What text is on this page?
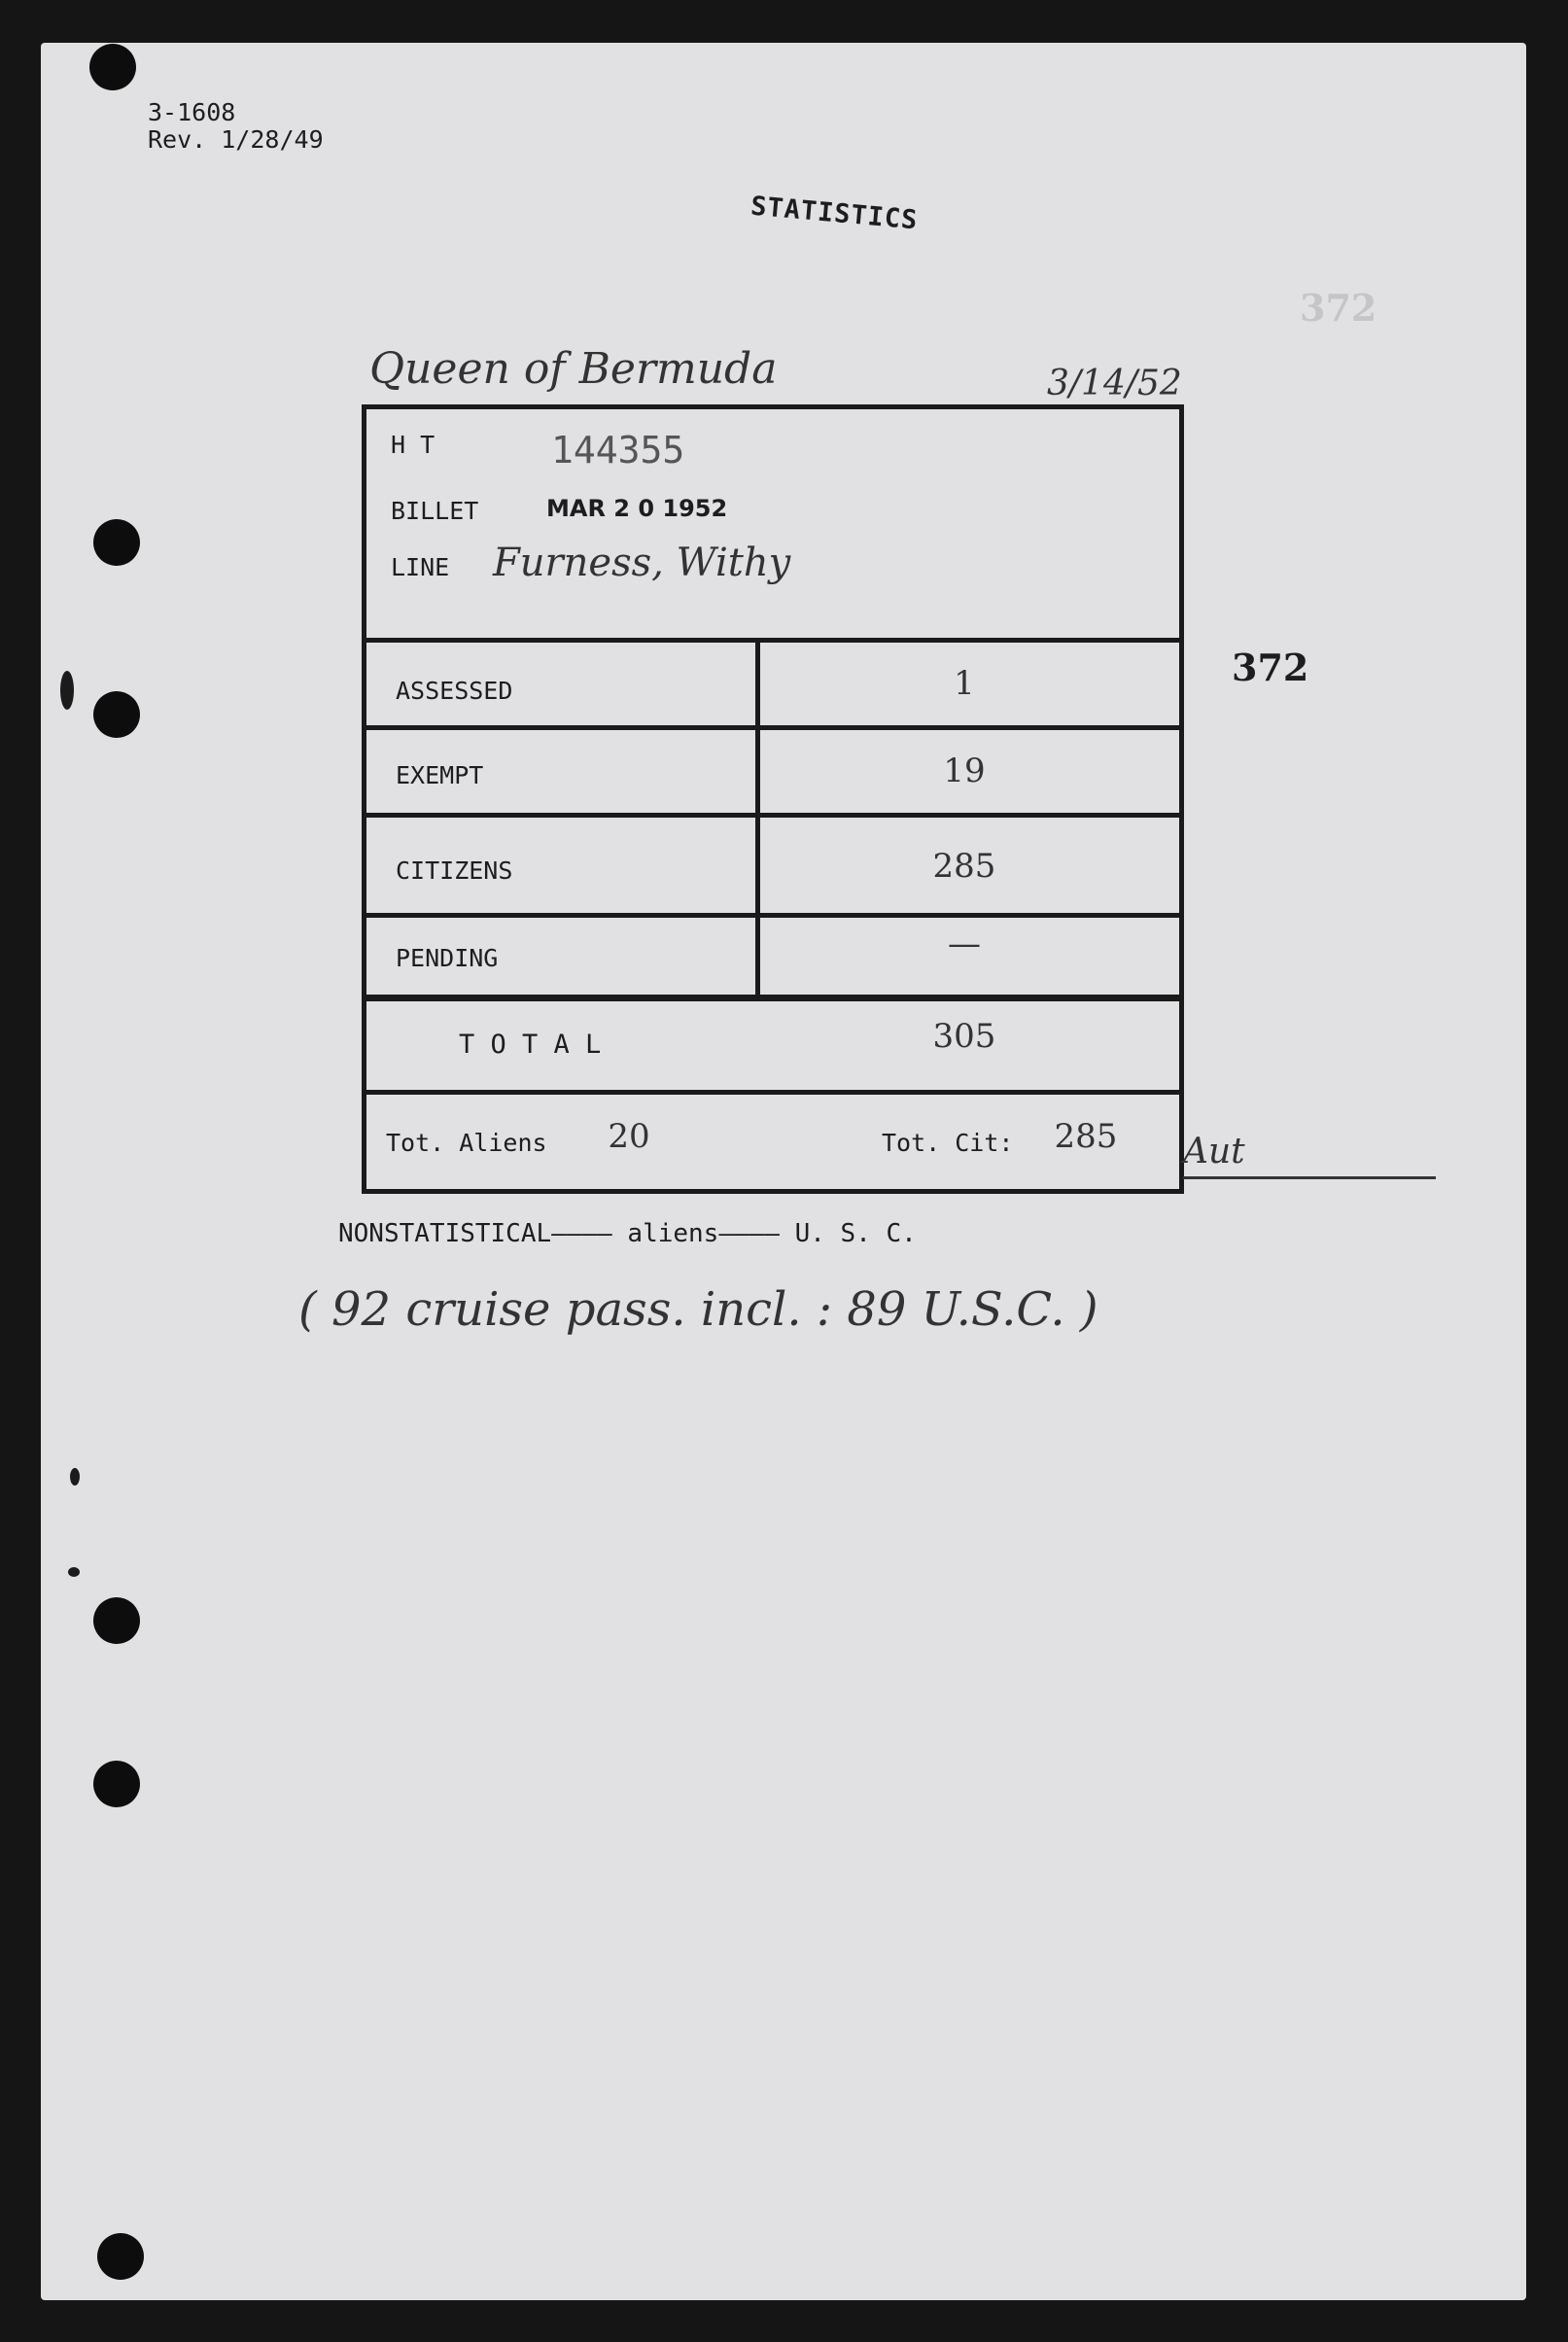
3-1608
Rev. 1/28/49
STATISTICS
372
372
Queen of Bermuda	3/14/52
H T	144355
BILLET	MAR 2 0 1952
LINE Furness, Withy
ASSESSED	1
EXEMPT	19
CITIZENS	285
PENDING	—
T O T A L	305
Tot. Aliens	20	Tot. Cit:	285	Aut
NONSTATISTICAL———— aliens———— U. S. C.
( 92 cruise pass. incl. : 89 U.S.C. )
